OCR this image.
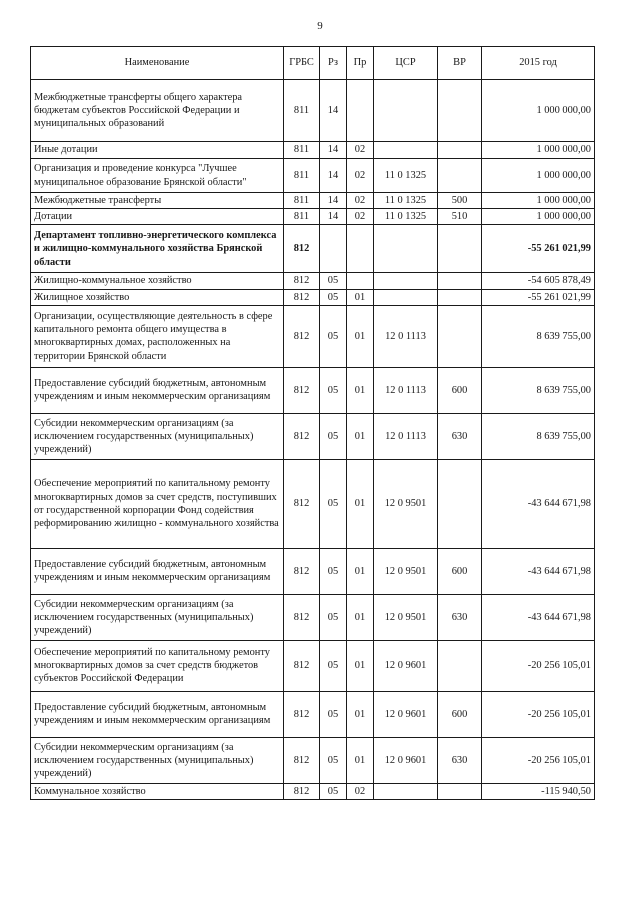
9
Наименование	ГРБС	Рз	Пр	ЦСР	ВР	2015 год
Межбюджетные трансферты общего характера бюджетам субъектов Российской Федерации и муниципальных образований	811	14				1 000 000,00
Иные дотации	811	14	02			1 000 000,00
Организация и проведение конкурса "Лучшее муниципальное образование Брянской области"	811	14	02	11 0 1325		1 000 000,00
Межбюджетные трансферты	811	14	02	11 0 1325	500	1 000 000,00
Дотации	811	14	02	11 0 1325	510	1 000 000,00
Департамент топливно-энергетического комплекса и жилищно-коммунального хозяйства Брянской области	812					-55 261 021,99
Жилищно-коммунальное хозяйство	812	05				-54 605 878,49
Жилищное хозяйство	812	05	01			-55 261 021,99
Организации, осуществляющие деятельность в сфере капитального ремонта общего имущества в многоквартирных домах, расположенных на территории Брянской области	812	05	01	12 0 1113		8 639 755,00
Предоставление субсидий бюджетным, автономным учреждениям и иным некоммерческим организациям	812	05	01	12 0 1113	600	8 639 755,00
Субсидии некоммерческим организациям (за исключением государственных (муниципальных) учреждений)	812	05	01	12 0 1113	630	8 639 755,00
Обеспечение мероприятий по капитальному ремонту многоквартирных домов за счет средств, поступивших от государственной корпорации Фонд содействия реформированию жилищно - коммунального хозяйства	812	05	01	12 0 9501		-43 644 671,98
Предоставление субсидий бюджетным, автономным учреждениям и иным некоммерческим организациям	812	05	01	12 0 9501	600	-43 644 671,98
Субсидии некоммерческим организациям (за исключением государственных (муниципальных) учреждений)	812	05	01	12 0 9501	630	-43 644 671,98
Обеспечение мероприятий по капитальному ремонту многоквартирных домов за счет средств бюджетов субъектов Российской Федерации	812	05	01	12 0 9601		-20 256 105,01
Предоставление субсидий бюджетным, автономным учреждениям и иным некоммерческим организациям	812	05	01	12 0 9601	600	-20 256 105,01
Субсидии некоммерческим организациям (за исключением государственных (муниципальных) учреждений)	812	05	01	12 0 9601	630	-20 256 105,01
Коммунальное хозяйство	812	05	02			-115 940,50
